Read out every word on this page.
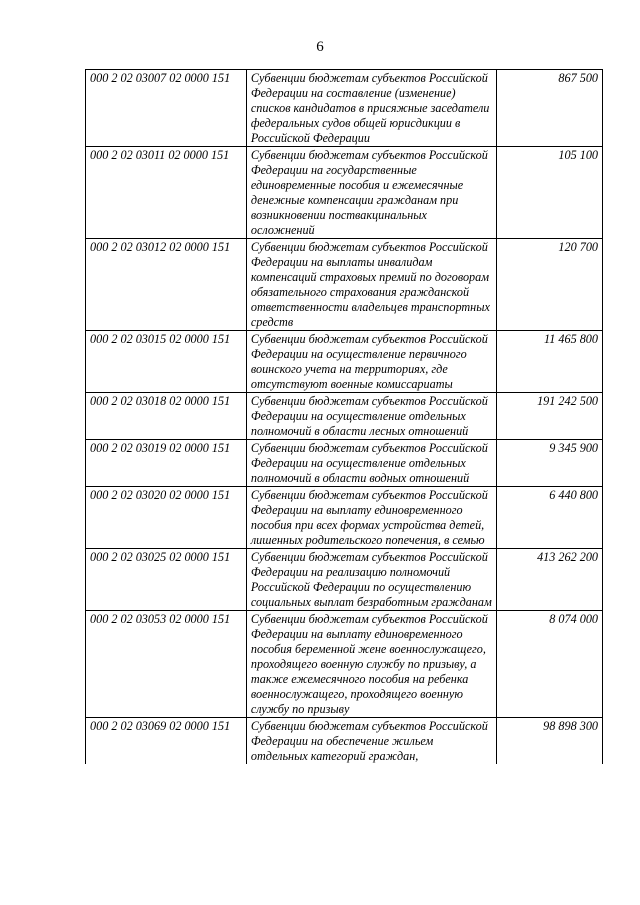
6
000 2 02 03007 02 0000 151	Субвенции бюджетам субъектов Российской Федерации на составление (изменение) списков кандидатов в присяжные заседатели федеральных судов общей юрисдикции в Российской Федерации	867 500
000 2 02 03011 02 0000 151	Субвенции бюджетам субъектов Российской Федерации на государственные единовременные пособия и ежемесячные денежные компенсации гражданам при возникновении поствакцинальных осложнений	105 100
000 2 02 03012 02 0000 151	Субвенции бюджетам субъектов Российской Федерации на выплаты инвалидам компенсаций страховых премий по договорам обязательного страхования гражданской ответственности владельцев транспортных средств	120 700
000 2 02 03015 02 0000 151	Субвенции бюджетам субъектов Российской Федерации на осуществление первичного воинского учета на территориях, где отсутствуют военные комиссариаты	11 465 800
000 2 02 03018 02 0000 151	Субвенции бюджетам субъектов Российской Федерации на осуществление отдельных полномочий в области лесных отношений	191 242 500
000 2 02 03019 02 0000 151	Субвенции бюджетам субъектов Российской Федерации на осуществление отдельных полномочий в области водных отношений	9 345 900
000 2 02 03020 02 0000 151	Субвенции бюджетам субъектов Российской Федерации на выплату единовременного пособия при всех формах устройства детей, лишенных родительского попечения, в семью	6 440 800
000 2 02 03025 02 0000 151	Субвенции бюджетам субъектов Российской Федерации на реализацию полномочий Российской Федерации по осуществлению социальных выплат безработным гражданам	413 262 200
000 2 02 03053 02 0000 151	Субвенции бюджетам субъектов Российской Федерации на выплату единовременного пособия беременной жене военнослужащего, проходящего военную службу по призыву, а также ежемесячного пособия на ребенка военнослужащего, проходящего военную службу по призыву	8 074 000
000 2 02 03069 02 0000 151	Субвенции бюджетам субъектов Российской Федерации на обеспечение жильем отдельных категорий граждан,	98 898 300
